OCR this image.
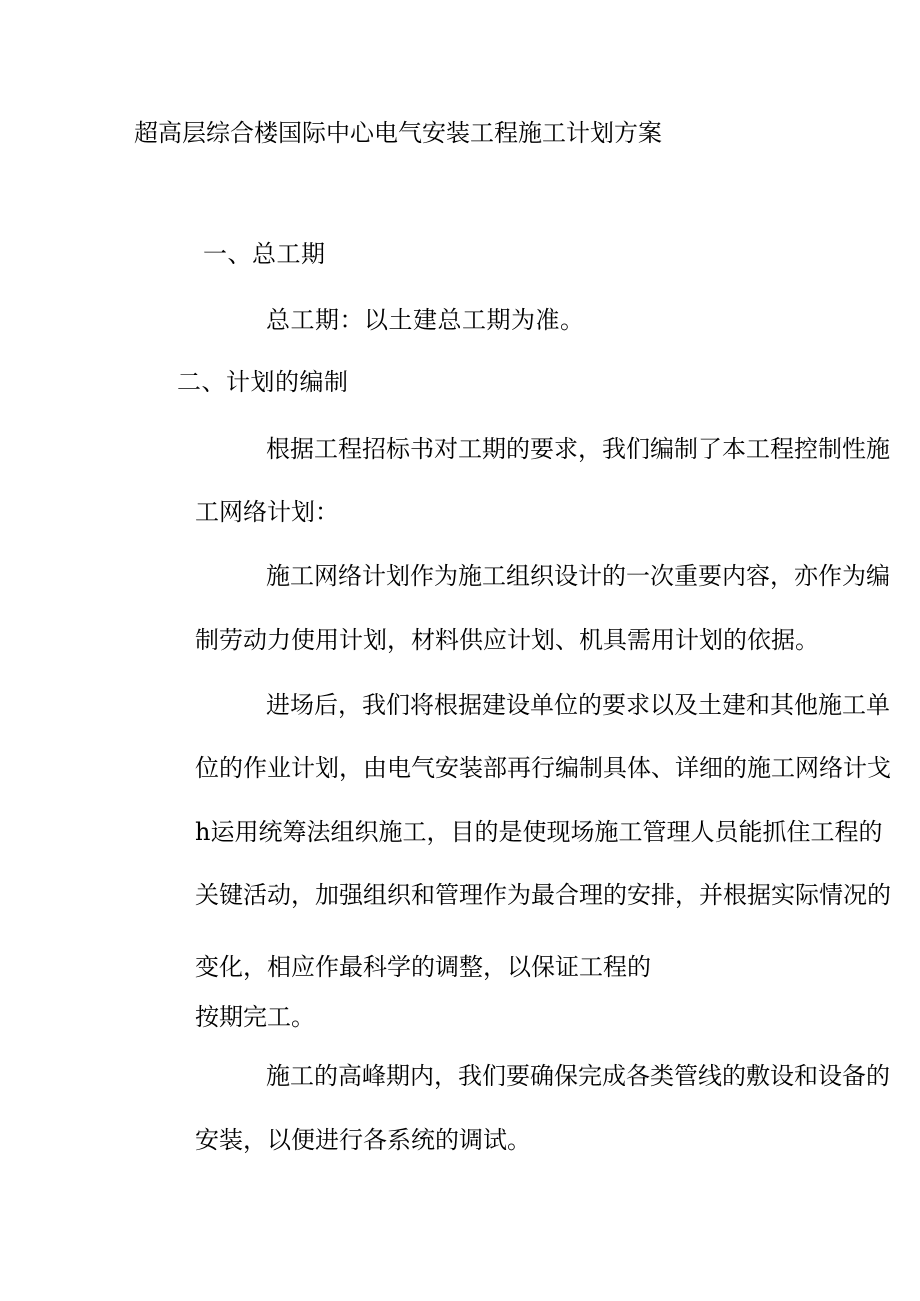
超高层综合楼国际中心电气安装工程施工计划方案
一、总工期
总工期：以土建总工期为准。
二、计划的编制
根据工程招标书对工期的要求，我们编制了本工程控制性施
工网络计划：
施工网络计划作为施工组织设计的一次重要内容，亦作为编
制劳动力使用计划，材料供应计划、机具需用计划的依据。
进场后，我们将根据建设单位的要求以及土建和其他施工单
位的作业计划，由电气安装部再行编制具体、详细的施工网络计戈
h运用统筹法组织施工，目的是使现场施工管理人员能抓住工程的
关键活动，加强组织和管理作为最合理的安排，并根据实际情况的
变化，相应作最科学的调整，以保证工程的
按期完工。
施工的高峰期内，我们要确保完成各类管线的敷设和设备的
安装，以便进行各系统的调试。
